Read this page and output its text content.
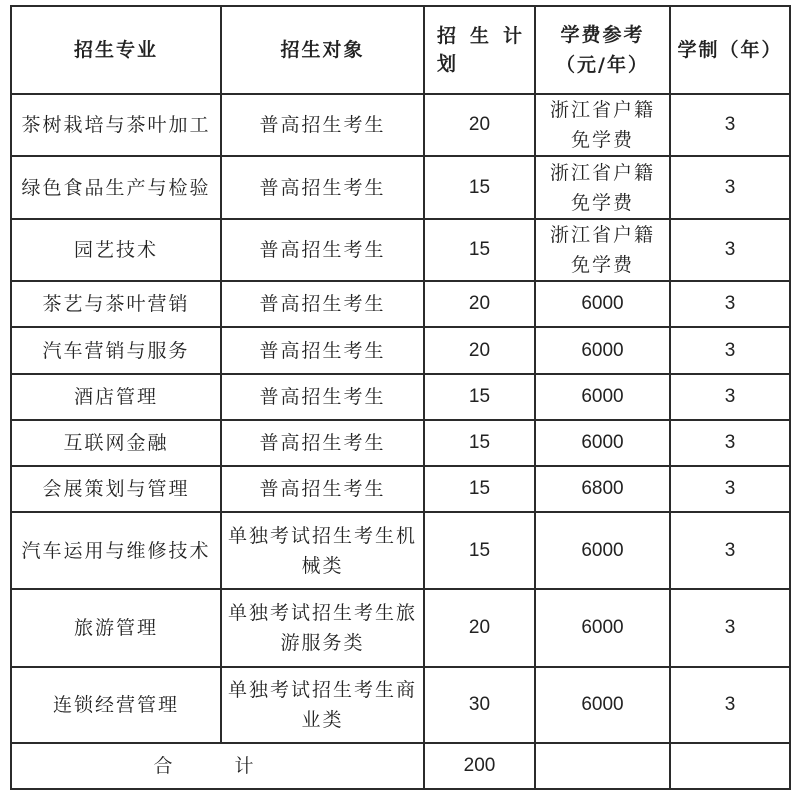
招生专业	招生对象	招 生 计 划	学费参考（元/年）	学制（年）
茶树栽培与茶叶加工	普高招生考生	20	浙江省户籍免学费	3
绿色食品生产与检验	普高招生考生	15	浙江省户籍免学费	3
园艺技术	普高招生考生	15	浙江省户籍免学费	3
茶艺与茶叶营销	普高招生考生	20	6000	3
汽车营销与服务	普高招生考生	20	6000	3
酒店管理	普高招生考生	15	6000	3
互联网金融	普高招生考生	15	6000	3
会展策划与管理	普高招生考生	15	6800	3
汽车运用与维修技术	单独考试招生考生机械类	15	6000	3
旅游管理	单独考试招生考生旅游服务类	20	6000	3
连锁经营管理	单独考试招生考生商业类	30	6000	3
合 计		200		
